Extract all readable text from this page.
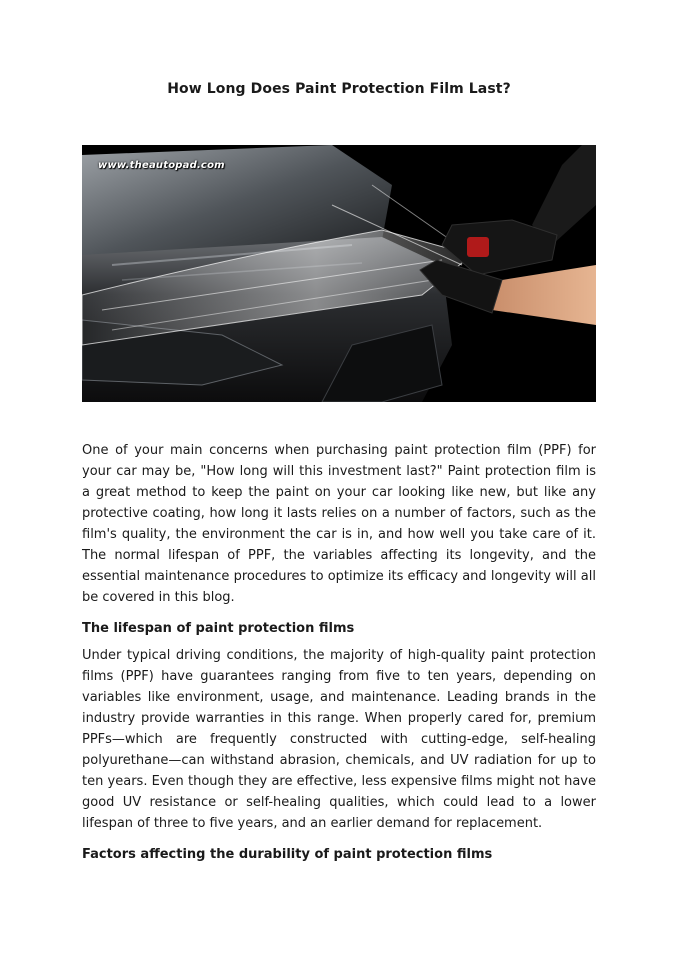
How Long Does Paint Protection Film Last?
www.theautopad.com
One of your main concerns when purchasing paint protection film (PPF) for your car may be, "How long will this investment last?" Paint protection film is a great method to keep the paint on your car looking like new, but like any protective coating, how long it lasts relies on a number of factors, such as the film's quality, the environment the car is in, and how well you take care of it. The normal lifespan of PPF, the variables affecting its longevity, and the essential maintenance procedures to optimize its efficacy and longevity will all be covered in this blog.
The lifespan of paint protection films
Under typical driving conditions, the majority of high-quality paint protection films (PPF) have guarantees ranging from five to ten years, depending on variables like environment, usage, and maintenance. Leading brands in the industry provide warranties in this range. When properly cared for, premium PPFs—which are frequently constructed with cutting-edge, self-healing polyurethane—can withstand abrasion, chemicals, and UV radiation for up to ten years. Even though they are effective, less expensive films might not have good UV resistance or self-healing qualities, which could lead to a lower lifespan of three to five years, and an earlier demand for replacement.
Factors affecting the durability of paint protection films
